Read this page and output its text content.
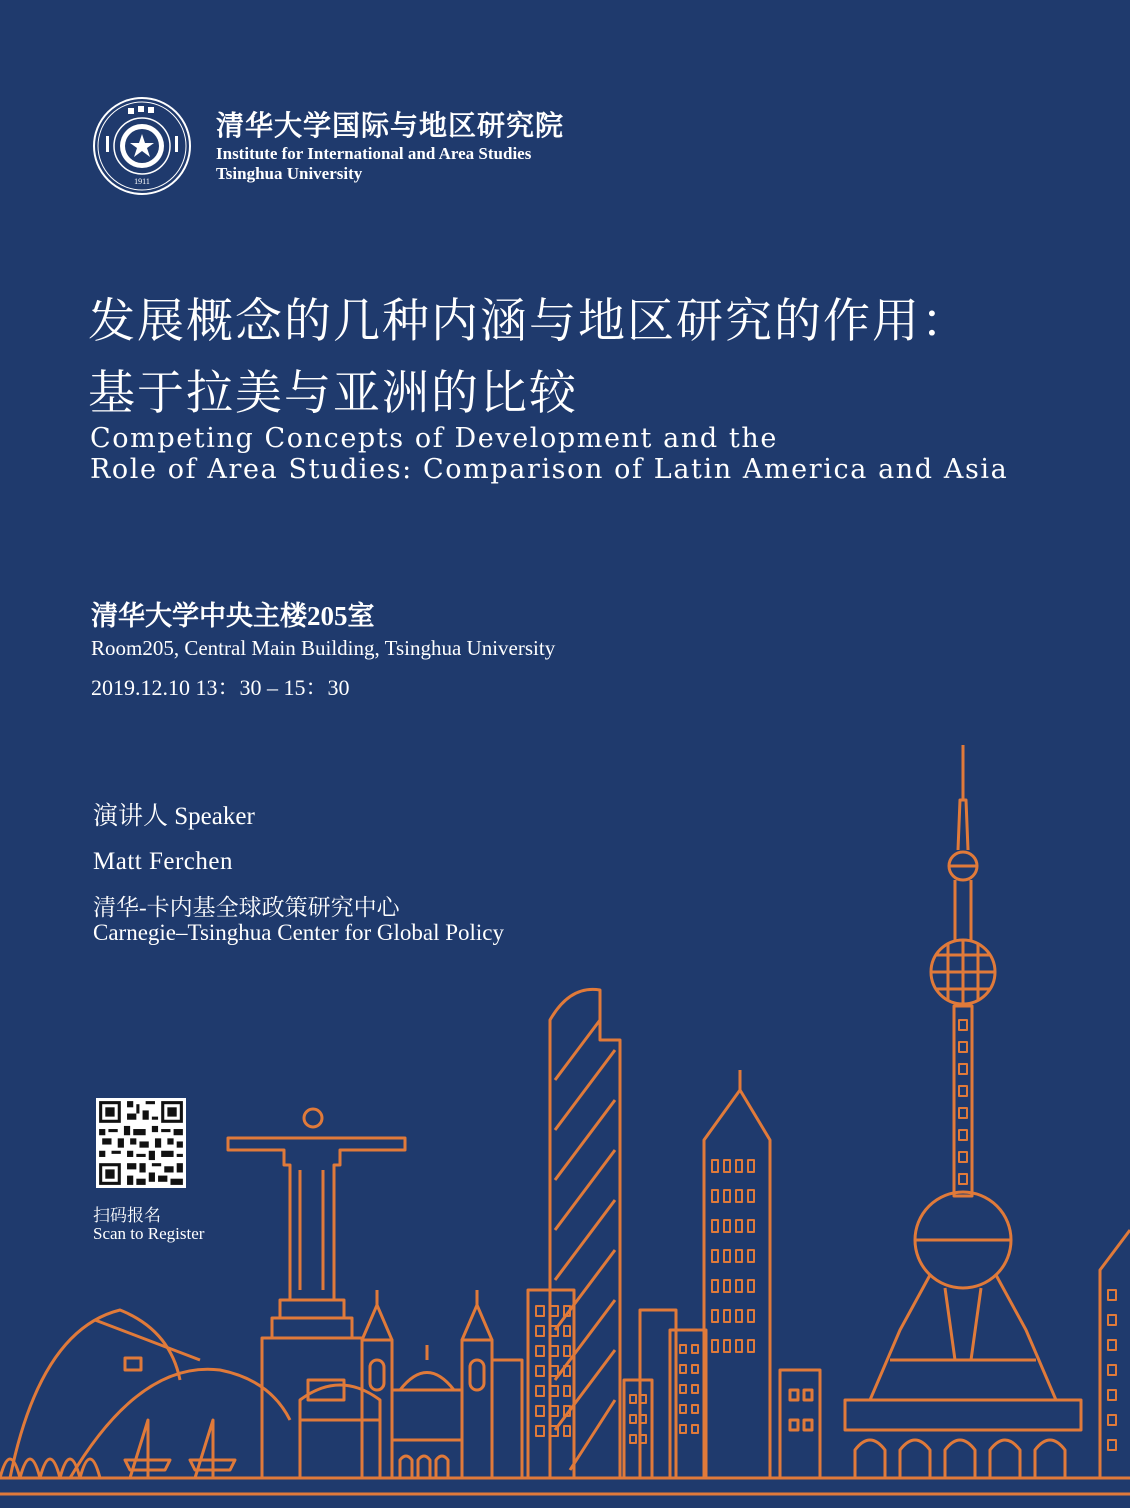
1911
清华大学国际与地区研究院
Institute for International and Area Studies
Tsinghua University
发展概念的几种内涵与地区研究的作用：
基于拉美与亚洲的比较
Competing Concepts of Development and the
Role of Area Studies: Comparison of Latin America and Asia
清华大学中央主楼205室
Room205, Central Main Building, Tsinghua University
2019.12.10 13：30 – 15：30
演讲人 Speaker
Matt Ferchen
清华-卡内基全球政策研究中心
Carnegie–Tsinghua Center for Global Policy
扫码报名
Scan to Register
